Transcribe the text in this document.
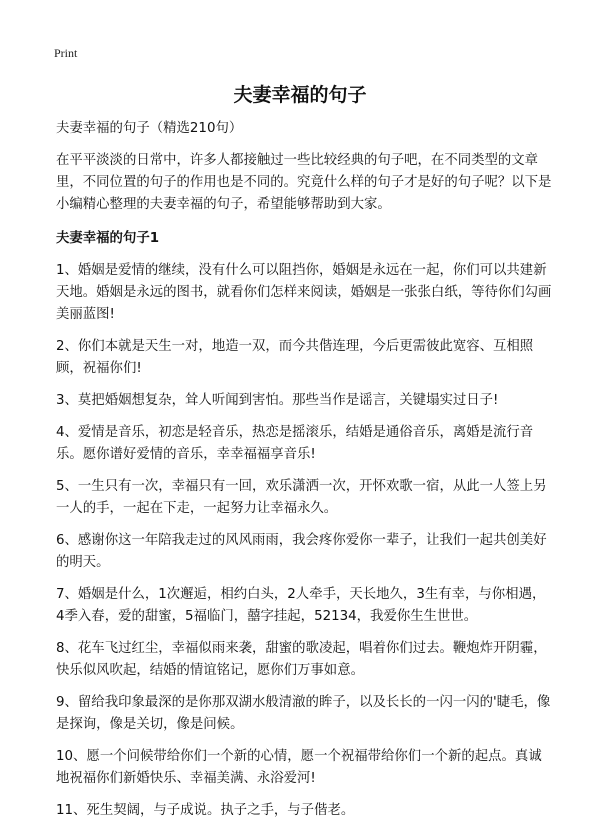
Print
夫妻幸福的句子

夫妻幸福的句子（精选210句）

在平平淡淡的日常中，许多人都接触过一些比较经典的句子吧，在不同类型的文章里，不同位置的句子的作用也是不同的。究竟什么样的句子才是好的句子呢？以下是小编精心整理的夫妻幸福的句子，希望能够帮助到大家。

夫妻幸福的句子1

1、婚姻是爱情的继续，没有什么可以阻挡你，婚姻是永远在一起，你们可以共建新天地。婚姻是永远的图书，就看你们怎样来阅读，婚姻是一张张白纸，等待你们勾画美丽蓝图!

2、你们本就是天生一对，地造一双，而今共偕连理，今后更需彼此宽容、互相照顾，祝福你们!

3、莫把婚姻想复杂，耸人听闻到害怕。那些当作是谣言，关键塌实过日子!

4、爱情是音乐，初恋是轻音乐，热恋是摇滚乐，结婚是通俗音乐，离婚是流行音乐。愿你谱好爱情的音乐，幸幸福福享音乐!

5、一生只有一次，幸福只有一回，欢乐潇洒一次，开怀欢歌一宿，从此一人签上另一人的手，一起在下走，一起努力让幸福永久。

6、感谢你这一年陪我走过的风风雨雨，我会疼你爱你一辈子，让我们一起共创美好的明天。

7、婚姻是什么，1次邂逅，相约白头，2人牵手，天长地久，3生有幸，与你相遇，4季入春，爱的甜蜜，5福临门，囍字挂起，52134，我爱你生生世世。

8、花车飞过红尘，幸福似雨来袭，甜蜜的歌凌起，唱着你们过去。鞭炮炸开阴霾，快乐似风吹起，结婚的情谊铭记，愿你们万事如意。

9、留给我印象最深的是你那双湖水般清澈的眸子，以及长长的一闪一闪的'睫毛，像是探询，像是关切，像是问候。

10、愿一个问候带给你们一个新的心情，愿一个祝福带给你们一个新的起点。真诚地祝福你们新婚快乐、幸福美满、永浴爱河!

11、死生契阔，与子成说。执子之手，与子偕老。
